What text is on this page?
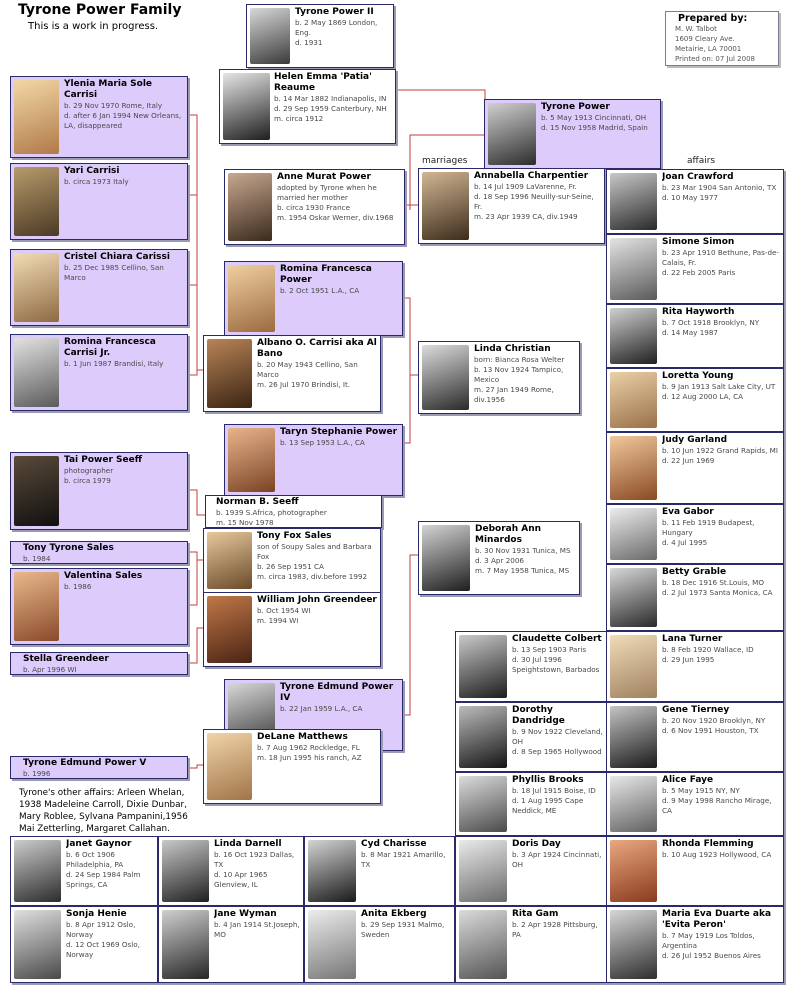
Tyrone Power Family
This is a work in progress.
Prepared by:
M. W. Talbot
1609 Cleary Ave.
Metairie, LA 70001
Printed on: 07 Jul 2008
marriages	affairs
Tyrone Power II
b. 2 May 1869 London, Eng.
d. 1931
Helen Emma 'Patia' Reaume
b. 14 Mar 1882 Indianapolis, IN
d. 29 Sep 1959 Canterbury, NH
m. circa 1912
Tyrone Power
b. 5 May 1913 Cincinnati, OH
d. 15 Nov 1958 Madrid, Spain
Ylenia Maria Sole Carrisi
b. 29 Nov 1970 Rome, Italy
d. after 6 Jan 1994 New Orleans, LA, disappeared
Yari Carrisi
b. circa 1973 Italy
Cristel Chiara Carissi
b. 25 Dec 1985 Cellino, San Marco
Romina Francesca Carrisi Jr.
b. 1 Jun 1987 Brandisi, Italy
Tai Power Seeff
photographer
b. circa 1979
Tony Tyrone Sales
b. 1984
Valentina Sales
b. 1986
Stella Greendeer
b. Apr 1996 WI
Tyrone Edmund Power V
b. 1996
Tyrone's other affairs: Arleen Whelan, 1938 Madeleine Carroll, Dixie Dunbar, Mary Roblee, Sylvana Pampanini,1956 Mai Zetterling, Margaret Callahan.
Anne Murat Power
adopted by Tyrone when he married her mother
b. circa 1930 France
m. 1954 Oskar Werner, div.1968
Romina Francesca Power
b. 2 Oct 1951 L.A., CA
Albano O. Carrisi aka Al Bano
b. 20 May 1943 Cellino, San Marco
m. 26 Jul 1970 Brindisi, It.
Taryn Stephanie Power
b. 13 Sep 1953 L.A., CA
Norman B. Seeff
b. 1939 S.Africa, photographer
m. 15 Nov 1978
Tony Fox Sales
son of Soupy Sales and Barbara Fox
b. 26 Sep 1951 CA
m. circa 1983, div.before 1992
William John Greendeer
b. Oct 1954 WI
m. 1994 WI
Tyrone Edmund Power IV
b. 22 Jan 1959 L.A., CA
DeLane Matthews
b. 7 Aug 1962 Rockledge, FL
m. 18 Jun 1995 his ranch, AZ
Annabella Charpentier
b. 14 Jul 1909 LaVarenne, Fr.
d. 18 Sep 1996 Neuilly-sur-Seine, Fr.
m. 23 Apr 1939 CA, div.1949
Linda Christian
born: Bianca Rosa Welter
b. 13 Nov 1924 Tampico, Mexico
m. 27 Jan 1949 Rome, div.1956
Deborah Ann Minardos
b. 30 Nov 1931 Tunica, MS
d. 3 Apr 2006
m. 7 May 1958 Tunica, MS
Joan Crawford
b. 23 Mar 1904 San Antonio, TX
d. 10 May 1977
Simone Simon
b. 23 Apr 1910 Bethune, Pas-de-Calais, Fr.
d. 22 Feb 2005 Paris
Rita Hayworth
b. 7 Oct 1918 Brooklyn, NY
d. 14 May 1987
Loretta Young
b. 9 Jan 1913 Salt Lake City, UT
d. 12 Aug 2000 LA, CA
Judy Garland
b. 10 Jun 1922 Grand Rapids, MI
d. 22 Jun 1969
Eva Gabor
b. 11 Feb 1919 Budapest, Hungary
d. 4 Jul 1995
Betty Grable
b. 18 Dec 1916 St.Louis, MO
d. 2 Jul 1973 Santa Monica, CA
Claudette Colbert
b. 13 Sep 1903 Paris
d. 30 Jul 1996 Speightstown, Barbados
Lana Turner
b. 8 Feb 1920 Wallace, ID
d. 29 Jun 1995
Dorothy Dandridge
b. 9 Nov 1922 Cleveland, OH
d. 8 Sep 1965 Hollywood
Gene Tierney
b. 20 Nov 1920 Brooklyn, NY
d. 6 Nov 1991 Houston, TX
Phyllis Brooks
b. 18 Jul 1915 Boise, ID
d. 1 Aug 1995 Cape Neddick, ME
Alice Faye
b. 5 May 1915 NY, NY
d. 9 May 1998 Rancho Mirage, CA
Janet Gaynor
b. 6 Oct 1906 Philadelphia, PA
d. 24 Sep 1984 Palm Springs, CA
Linda Darnell
b. 16 Oct 1923 Dallas, TX
d. 10 Apr 1965 Glenview, IL
Cyd Charisse
b. 8 Mar 1921 Amarillo, TX
Doris Day
b. 3 Apr 1924 Cincinnati, OH
Rhonda Flemming
b. 10 Aug 1923 Hollywood, CA
Sonja Henie
b. 8 Apr 1912 Oslo, Norway
d. 12 Oct 1969 Oslo, Norway
Jane Wyman
b. 4 Jan 1914 St.Joseph, MO
Anita Ekberg
b. 29 Sep 1931 Malmo, Sweden
Rita Gam
b. 2 Apr 1928 Pittsburg, PA
Maria Eva Duarte aka 'Evita Peron'
b. 7 May 1919 Los Toldos, Argentina
d. 26 Jul 1952 Buenos Aires
